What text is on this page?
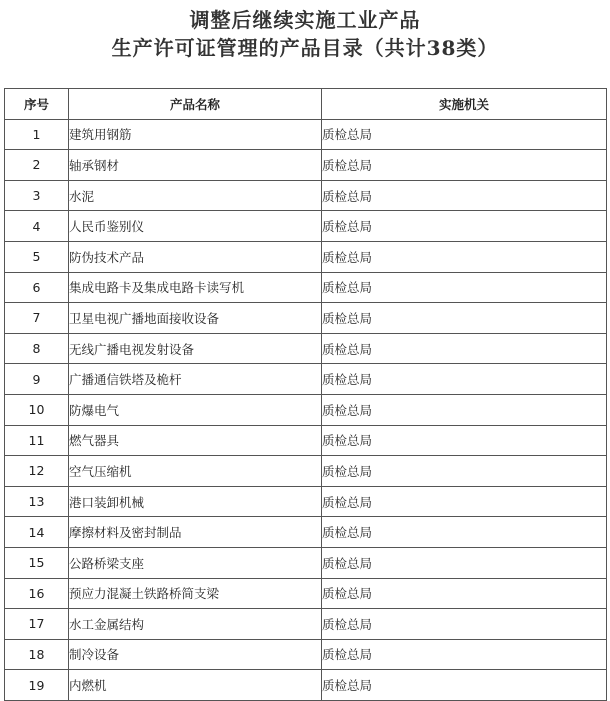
调整后继续实施工业产品
生产许可证管理的产品目录（共计38类）
序号	产品名称	实施机关
1	建筑用钢筋	质检总局
2	轴承钢材	质检总局
3	水泥	质检总局
4	人民币鉴别仪	质检总局
5	防伪技术产品	质检总局
6	集成电路卡及集成电路卡读写机	质检总局
7	卫星电视广播地面接收设备	质检总局
8	无线广播电视发射设备	质检总局
9	广播通信铁塔及桅杆	质检总局
10	防爆电气	质检总局
11	燃气器具	质检总局
12	空气压缩机	质检总局
13	港口装卸机械	质检总局
14	摩擦材料及密封制品	质检总局
15	公路桥梁支座	质检总局
16	预应力混凝土铁路桥简支梁	质检总局
17	水工金属结构	质检总局
18	制冷设备	质检总局
19	内燃机	质检总局
